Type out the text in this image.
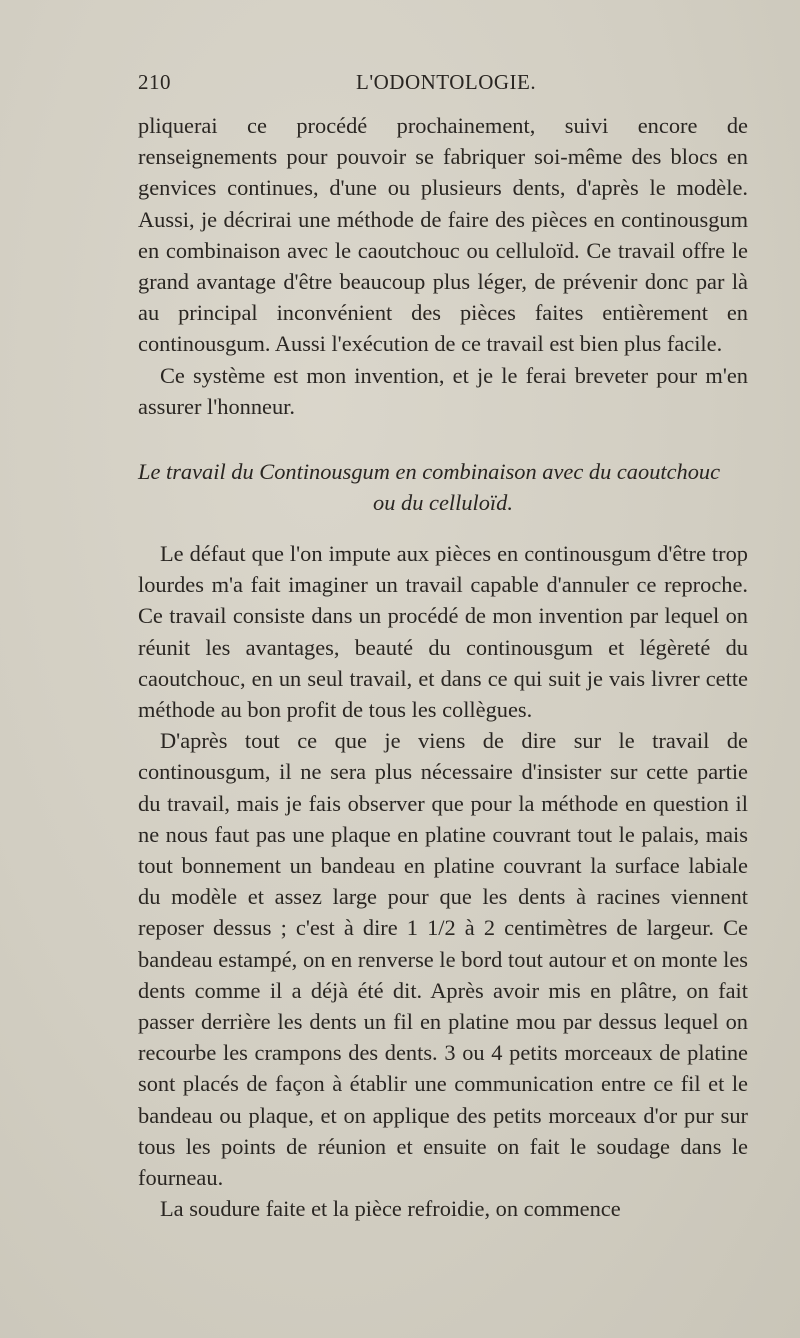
210	L'ODONTOLOGIE.

pliquerai ce procédé prochainement, suivi encore de renseignements pour pouvoir se fabriquer soi-même des blocs en genvices continues, d'une ou plusieurs dents, d'après le modèle. Aussi, je décrirai une méthode de faire des pièces en continousgum en combinaison avec le caoutchouc ou celluloïd. Ce travail offre le grand avantage d'être beaucoup plus léger, de prévenir donc par là au principal inconvénient des pièces faites entièrement en continousgum. Aussi l'exécution de ce travail est bien plus facile.

Ce système est mon invention, et je le ferai breveter pour m'en assurer l'honneur.

Le travail du Continousgum en combinaison avec du caoutchouc
ou du celluloïd.

Le défaut que l'on impute aux pièces en continousgum d'être trop lourdes m'a fait imaginer un travail capable d'annuler ce reproche. Ce travail consiste dans un procédé de mon invention par lequel on réunit les avantages, beauté du continousgum et légèreté du caoutchouc, en un seul travail, et dans ce qui suit je vais livrer cette méthode au bon profit de tous les collègues.

D'après tout ce que je viens de dire sur le travail de continousgum, il ne sera plus nécessaire d'insister sur cette partie du travail, mais je fais observer que pour la méthode en question il ne nous faut pas une plaque en platine couvrant tout le palais, mais tout bonnement un bandeau en platine couvrant la surface labiale du modèle et assez large pour que les dents à racines viennent reposer dessus ; c'est à dire 1 1/2 à 2 centimètres de largeur. Ce bandeau estampé, on en renverse le bord tout autour et on monte les dents comme il a déjà été dit. Après avoir mis en plâtre, on fait passer derrière les dents un fil en platine mou par dessus lequel on recourbe les crampons des dents. 3 ou 4 petits morceaux de platine sont placés de façon à établir une communication entre ce fil et le bandeau ou plaque, et on applique des petits morceaux d'or pur sur tous les points de réunion et ensuite on fait le soudage dans le fourneau.

La soudure faite et la pièce refroidie, on commence
